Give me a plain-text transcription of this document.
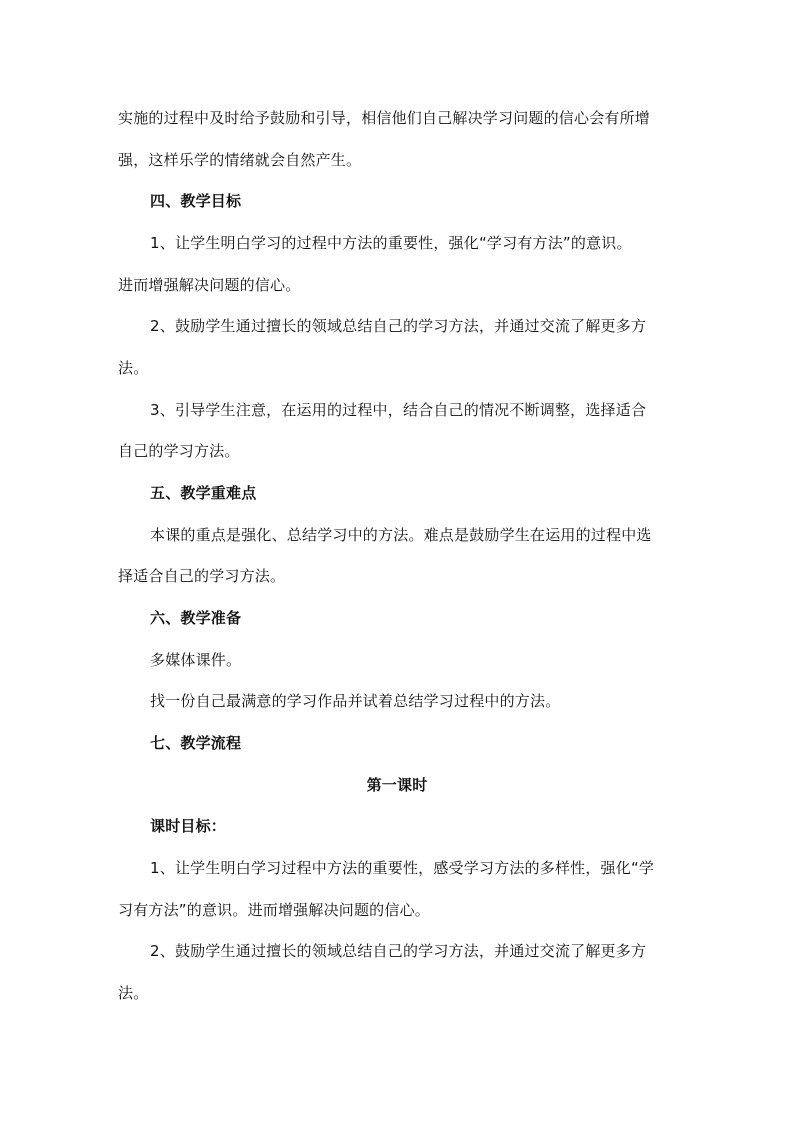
实施的过程中及时给予鼓励和引导，相信他们自己解决学习问题的信心会有所增
强，这样乐学的情绪就会自然产生。
四、教学目标
1、让学生明白学习的过程中方法的重要性，强化“学习有方法”的意识。
进而增强解决问题的信心。
2、鼓励学生通过擅长的领域总结自己的学习方法，并通过交流了解更多方
法。
3、引导学生注意，在运用的过程中，结合自己的情况不断调整，选择适合
自己的学习方法。
五、教学重难点
本课的重点是强化、总结学习中的方法。难点是鼓励学生在运用的过程中选
择适合自己的学习方法。
六、教学准备
多媒体课件。
找一份自己最满意的学习作品并试着总结学习过程中的方法。
七、教学流程
第一课时
课时目标：
1、让学生明白学习过程中方法的重要性，感受学习方法的多样性，强化“学
习有方法”的意识。进而增强解决问题的信心。
2、鼓励学生通过擅长的领域总结自己的学习方法，并通过交流了解更多方
法。
